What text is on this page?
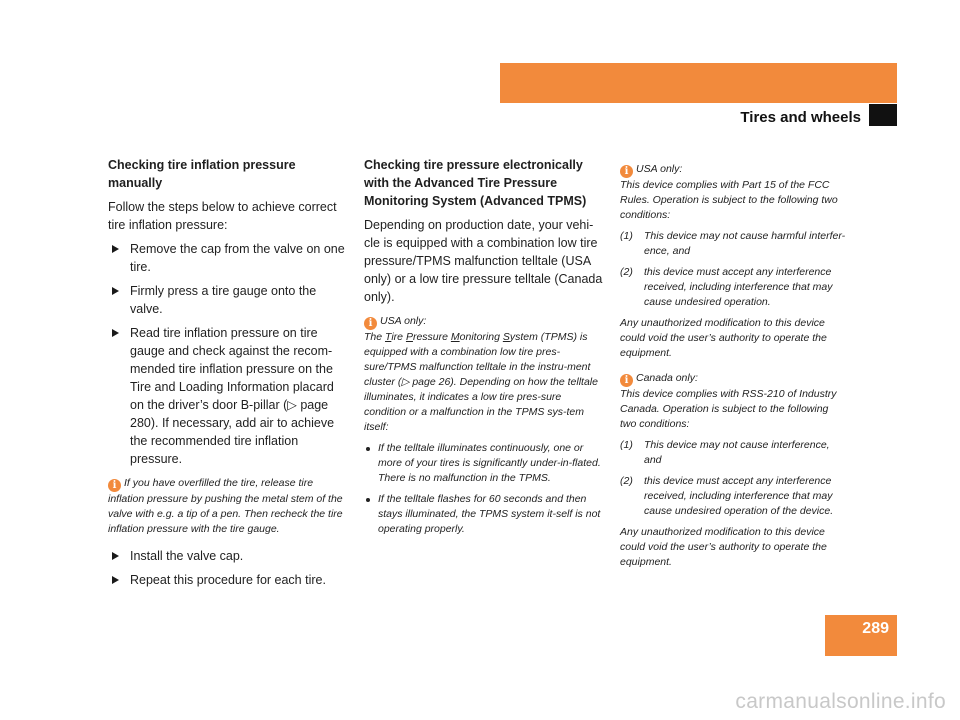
Operation
Tires and wheels

Checking tire inflation pressure manually

Follow the steps below to achieve correct tire inflation pressure:

Remove the cap from the valve on one tire.
Firmly press a tire gauge onto the valve.
Read tire inflation pressure on tire gauge and check against the recom-mended tire inflation pressure on the Tire and Loading Information placard on the driver’s door B-pillar (▷ page 280). If necessary, add air to achieve the recommended tire inflation pressure.
i If you have overfilled the tire, release tire inflation pressure by pushing the metal stem of the valve with e.g. a tip of a pen. Then recheck the tire inflation pressure with the tire gauge.
Install the valve cap.
Repeat this procedure for each tire.

Checking tire pressure electronically with the Advanced Tire Pressure Monitoring System (Advanced TPMS)

Depending on production date, your vehi-cle is equipped with a combination low tire pressure/TPMS malfunction telltale (USA only) or a low tire pressure telltale (Canada only).

i USA only:
The Tire Pressure Monitoring System (TPMS) is equipped with a combination low tire pres-sure/TPMS malfunction telltale in the instru-ment cluster (▷ page 26). Depending on how the telltale illuminates, it indicates a low tire pres-sure condition or a malfunction in the TPMS sys-tem itself:

If the telltale illuminates continuously, one or more of your tires is significantly under-in-flated. There is no malfunction in the TPMS.
If the telltale flashes for 60 seconds and then stays illuminated, the TPMS system it-self is not operating properly.

i USA only:
This device complies with Part 15 of the FCC Rules. Operation is subject to the following two conditions:

(1) This device may not cause harmful interfer-ence, and
(2) this device must accept any interference received, including interference that may cause undesired operation.

Any unauthorized modification to this device could void the user’s authority to operate the equipment.

i Canada only:
This device complies with RSS-210 of Industry Canada. Operation is subject to the following two conditions:

(1) This device may not cause interference, and
(2) this device must accept any interference received, including interference that may cause undesired operation of the device.

Any unauthorized modification to this device could void the user’s authority to operate the equipment.

289
carmanualsonline.info
